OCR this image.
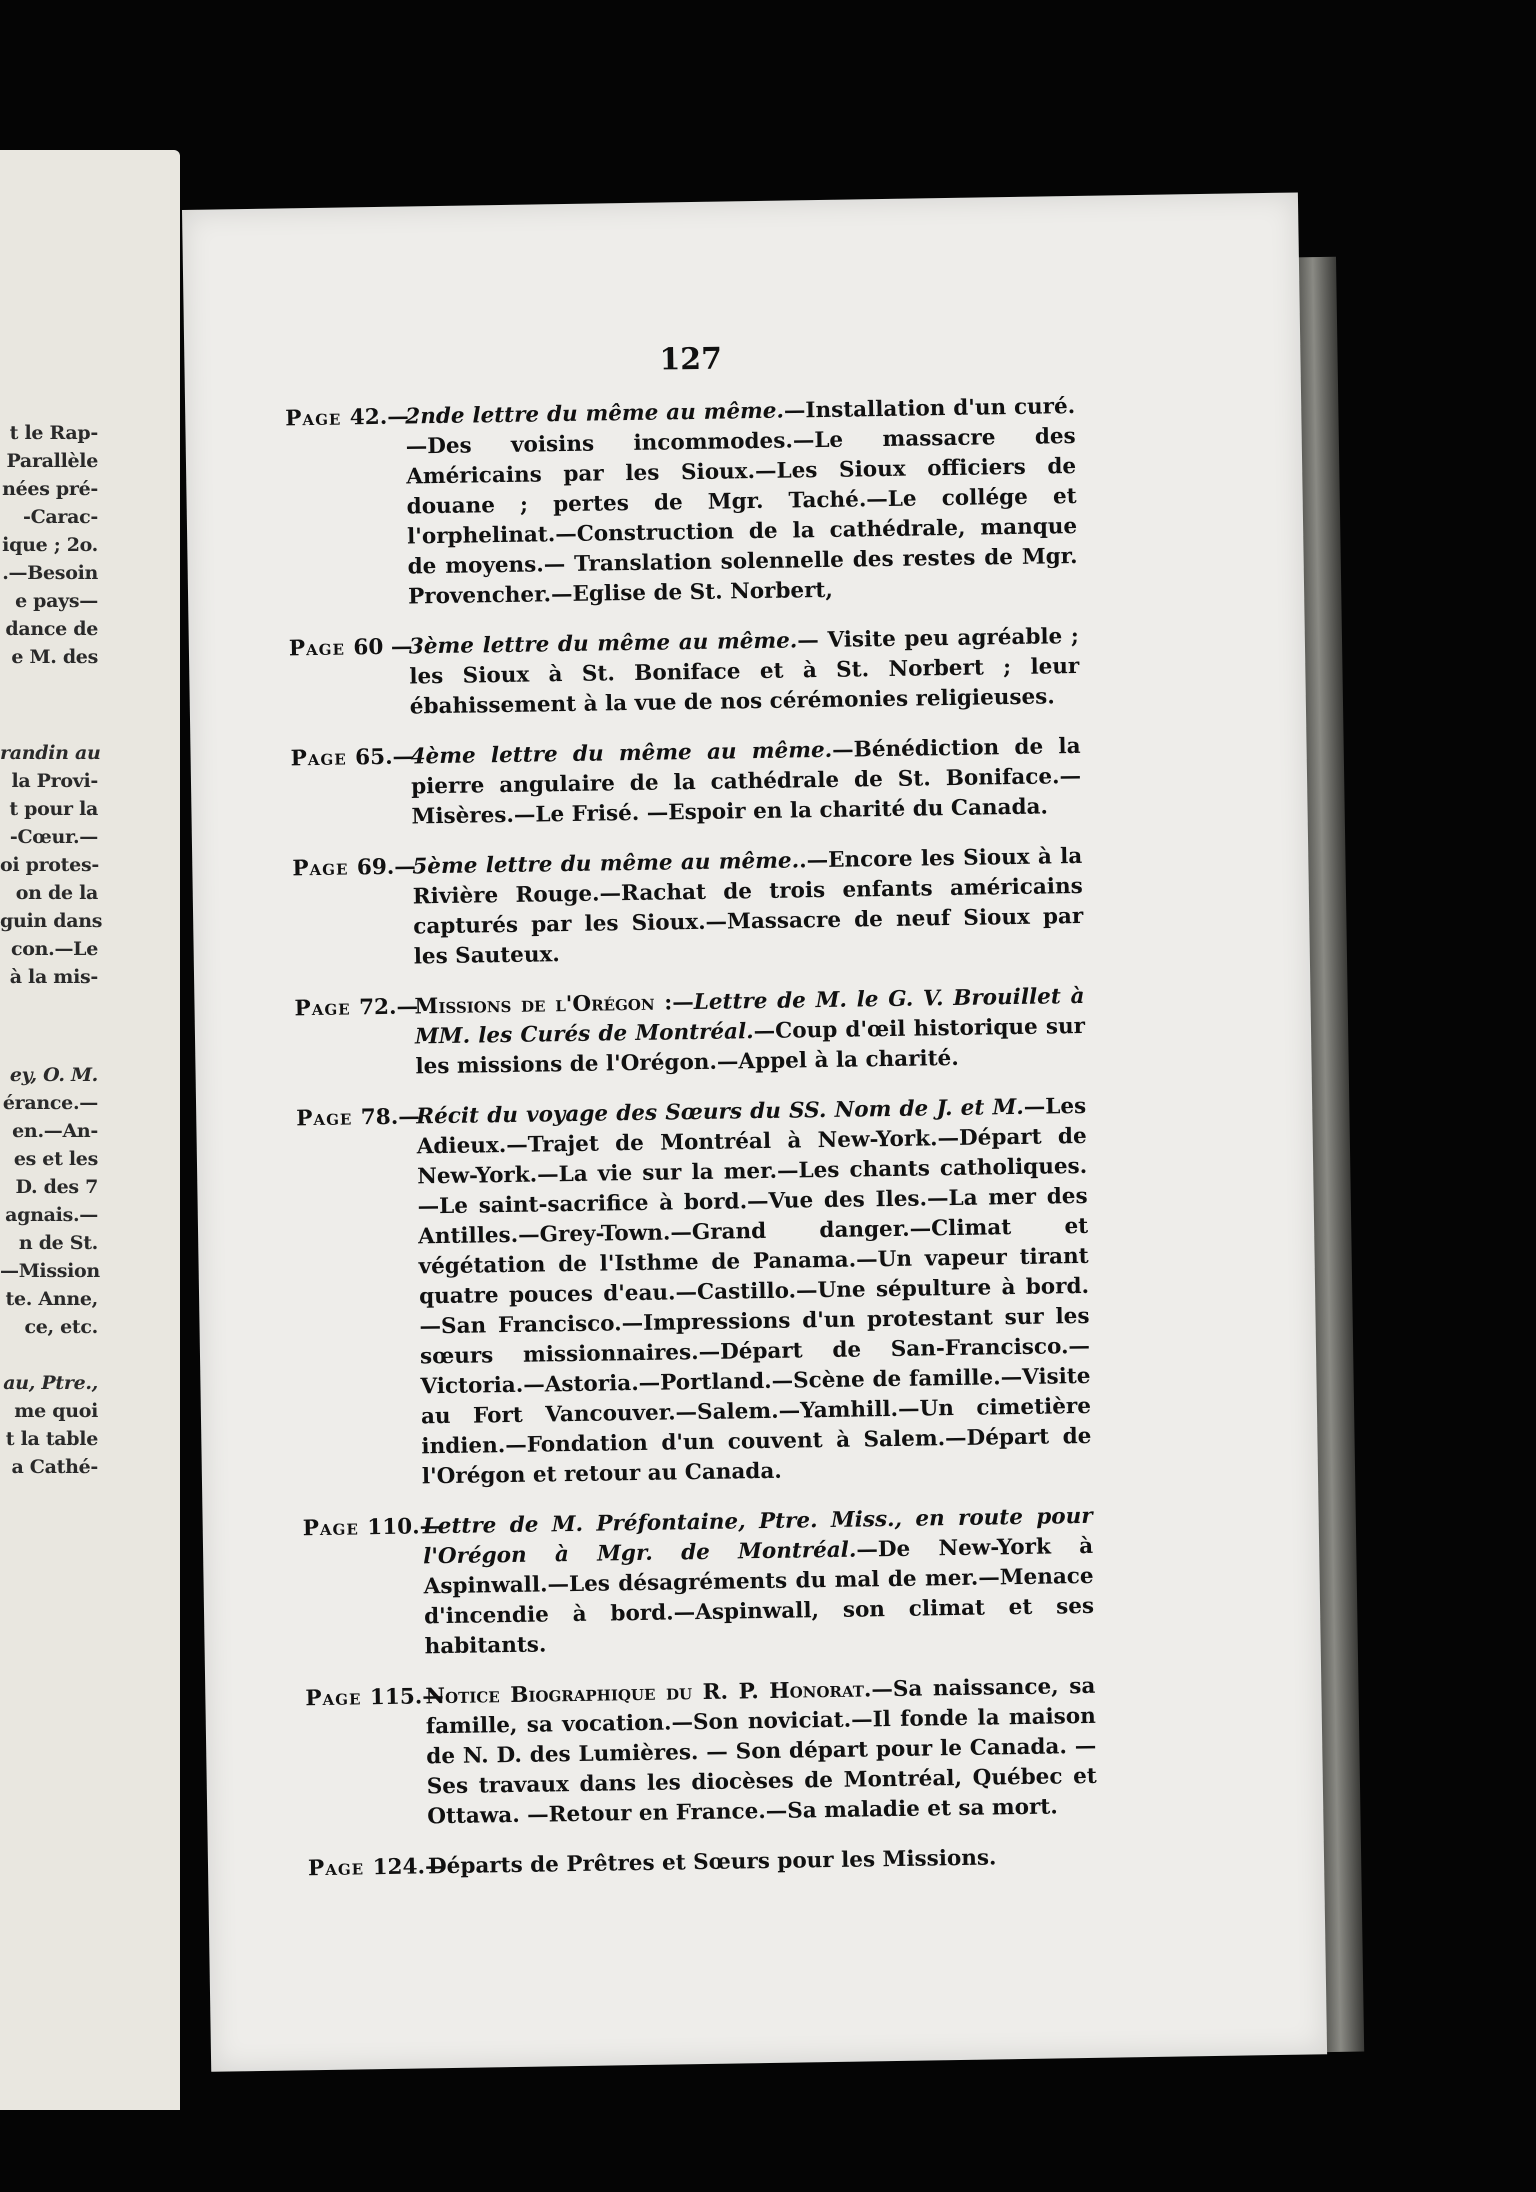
t le Rap-
Parallèle
nées pré-
-Carac-
ique ; 2o.
.—Besoin
e pays—
dance de
e M. des
randin au
la Provi-
t pour la
-Cœur.—
oi protes-
on de la
guin dans
con.—Le
à la mis-
ey, O. M.
érance.—
en.—An-
es et les
D. des 7
agnais.—
n de St.
—Mission
te. Anne,
ce, etc.
au, Ptre.,
me quoi
t la table
a Cathé-
127
Page 42.—
2nde lettre du même au même.—Installation d'un curé.—Des voisins incommodes.—Le massacre des Américains par les Sioux.—Les Sioux officiers de douane ; pertes de Mgr. Taché.—Le collége et l'orphelinat.—Construction de la cathédrale, manque de moyens.— Translation solennelle des restes de Mgr. Provencher.—Eglise de St. Norbert,
Page 60 —
3ème lettre du même au même.— Visite peu agréable ; les Sioux à St. Boniface et à St. Norbert ; leur ébahissement à la vue de nos cérémonies religieuses.
Page 65.—
4ème lettre du même au même.—Bénédiction de la pierre angulaire de la cathédrale de St. Boniface.—Misères.—Le Frisé. —Espoir en la charité du Canada.
Page 69.—
5ème lettre du même au même..—Encore les Sioux à la Rivière Rouge.—Rachat de trois enfants américains capturés par les Sioux.—Massacre de neuf Sioux par les Sauteux.
Page 72.—
Missions de l'Orégon :—Lettre de M. le G. V. Brouillet à MM. les Curés de Montréal.—Coup d'œil historique sur les missions de l'Orégon.—Appel à la charité.
Page 78.—
Récit du voyage des Sœurs du SS. Nom de J. et M.—Les Adieux.—Trajet de Montréal à New-York.—Départ de New-York.—La vie sur la mer.—Les chants catholiques.—Le saint-sacrifice à bord.—Vue des Iles.—La mer des Antilles.—Grey-Town.—Grand danger.—Climat et végétation de l'Isthme de Panama.—Un vapeur tirant quatre pouces d'eau.—Castillo.—Une sépulture à bord.—San Francisco.—Impressions d'un protestant sur les sœurs missionnaires.—Départ de San-Francisco.—Victoria.—Astoria.—Portland.—Scène de famille.—Visite au Fort Vancouver.—Salem.—Yamhill.—Un cimetière indien.—Fondation d'un couvent à Salem.—Départ de l'Orégon et retour au Canada.
Page 110.—
Lettre de M. Préfontaine, Ptre. Miss., en route pour l'Orégon à Mgr. de Montréal.—De New-York à Aspinwall.—Les désagréments du mal de mer.—Menace d'incendie à bord.—Aspinwall, son climat et ses habitants.
Page 115.—
Notice Biographique du R. P. Honorat.—Sa naissance, sa famille, sa vocation.—Son noviciat.—Il fonde la maison de N. D. des Lumières. — Son départ pour le Canada. — Ses travaux dans les diocèses de Montréal, Québec et Ottawa. —Retour en France.—Sa maladie et sa mort.
Page 124.—
Départs de Prêtres et Sœurs pour les Missions.
